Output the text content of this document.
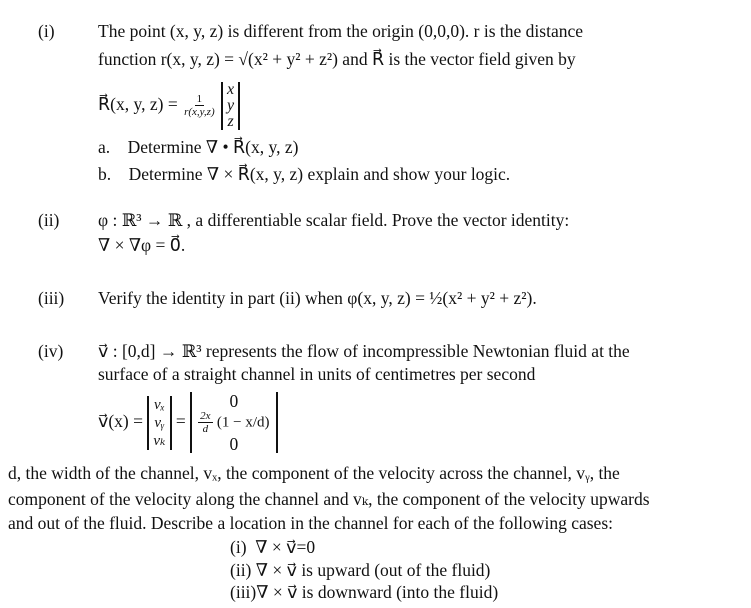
(i) The point (x, y, z) is different from the origin (0,0,0). r is the distance
function r(x, y, z) = √(x² + y² + z²) and R⃗ is the vector field given by
R⃗(x, y, $z) = \frac{1}{r(x,y,z)}$

x
y
z
a. Determine ∇ • R⃗(x, y, z)
b. Determine ∇ × R⃗(x, y, z) explain and show your logic.
(ii) φ : ℝ³ → ℝ , a differentiable scalar field. Prove the vector identity:
∇ × ∇φ = 0⃗.
(iii) Verify the identity in part (ii) when φ(x, y, z) = ½(x² + y² + z²).
(iv) v⃗ : [0,d] → ℝ³ represents the flow of incompressible Newtonian fluid at the
surface of a straight channel in units of centimetres per second
v⃗(x) =
vₓ
vᵧ
vₖ
=
0
$\frac{2x}{d} (1 - x/d)$
0
d, the width of the channel, vₓ, the component of the velocity across the channel, vᵧ, the
component of the velocity along the channel and vₖ, the component of the velocity upwards
and out of the fluid. Describe a location in the channel for each of the following cases:
(i) ∇ × v⃗=0
(ii) ∇ × v⃗ is upward (out of the fluid)
(iii)∇ × v⃗ is downward (into the fluid)
